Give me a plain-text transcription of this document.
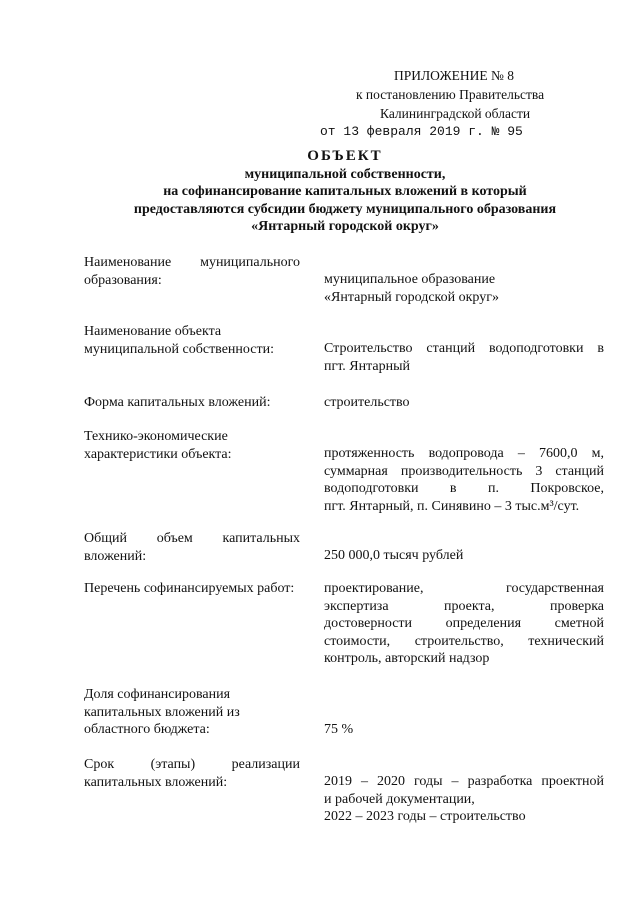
ПРИЛОЖЕНИЕ № 8
к постановлению Правительства
Калининградской области
от 13 февраля 2019 г. № 95
ОБЪЕКТ
муниципальной собственности,
на софинансирование капитальных вложений в который
предоставляются субсидии бюджету муниципального образования
«Янтарный городской округ»
Наименование муниципального
образования:	муниципальное образование
«Янтарный городской округ»
Наименование объекта
муниципальной собственности:	Строительство станций водоподготовки в
пгт. Янтарный
Форма капитальных вложений:	строительство
Технико-экономические
характеристики объекта:	протяженность водопровода – 7600,0 м,
суммарная производительность 3 станций
водоподготовки в п. Покровское,
пгт. Янтарный, п. Синявино – 3 тыс.м³/сут.
Общий объем капитальных
вложений:	250 000,0 тысяч рублей
Перечень софинансируемых работ:	проектирование, государственная
экспертиза проекта, проверка
достоверности определения сметной
стоимости, строительство, технический
контроль, авторский надзор
Доля софинансирования
капитальных вложений из
областного бюджета:	75 %
Срок (этапы) реализации
капитальных вложений:	2019 – 2020 годы – разработка проектной
и рабочей документации,
2022 – 2023 годы – строительство
